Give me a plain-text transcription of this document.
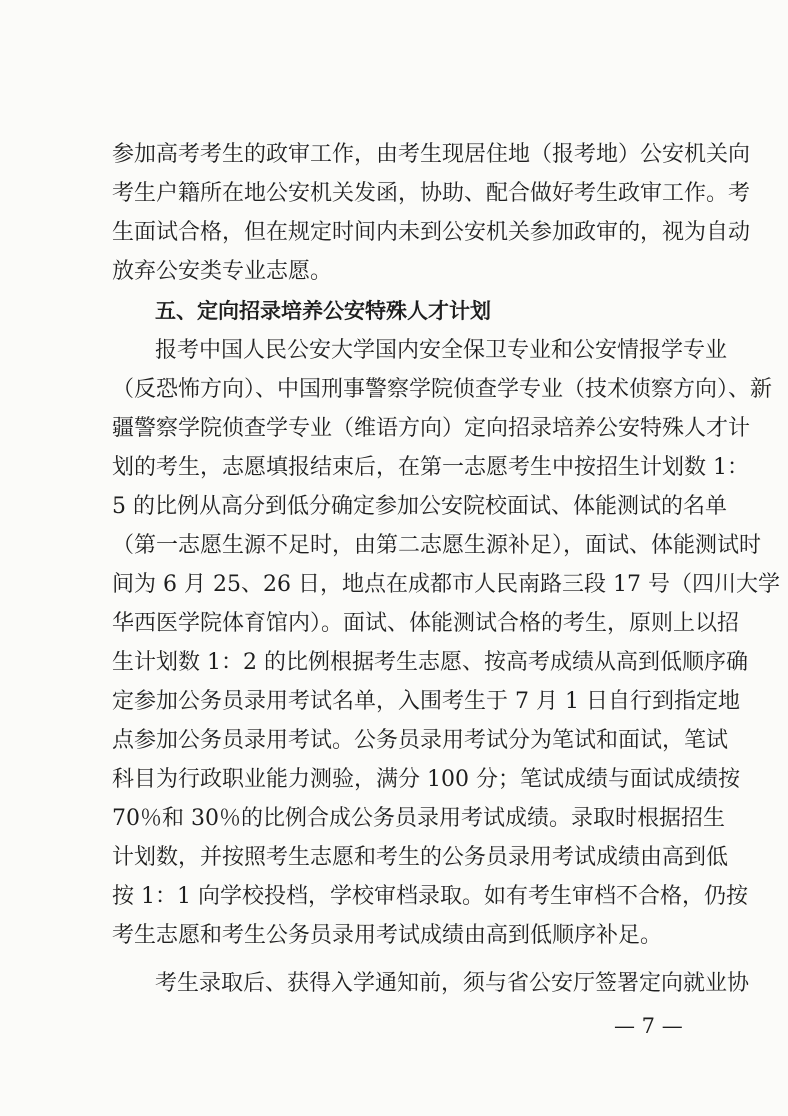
参加高考考生的政审工作，由考生现居住地（报考地）公安机关向
考生户籍所在地公安机关发函，协助、配合做好考生政审工作。考
生面试合格，但在规定时间内未到公安机关参加政审的，视为自动
放弃公安类专业志愿。
五、定向招录培养公安特殊人才计划
报考中国人民公安大学国内安全保卫专业和公安情报学专业
（反恐怖方向）、中国刑事警察学院侦查学专业（技术侦察方向）、新
疆警察学院侦查学专业（维语方向）定向招录培养公安特殊人才计
划的考生，志愿填报结束后，在第一志愿考生中按招生计划数 1：
5 的比例从高分到低分确定参加公安院校面试、体能测试的名单
（第一志愿生源不足时，由第二志愿生源补足），面试、体能测试时
间为 6 月 25、26 日，地点在成都市人民南路三段 17 号（四川大学
华西医学院体育馆内）。面试、体能测试合格的考生，原则上以招
生计划数 1：2 的比例根据考生志愿、按高考成绩从高到低顺序确
定参加公务员录用考试名单，入围考生于 7 月 1 日自行到指定地
点参加公务员录用考试。公务员录用考试分为笔试和面试，笔试
科目为行政职业能力测验，满分 100 分；笔试成绩与面试成绩按
70％和 30％的比例合成公务员录用考试成绩。录取时根据招生
计划数，并按照考生志愿和考生的公务员录用考试成绩由高到低
按 1：1 向学校投档，学校审档录取。如有考生审档不合格，仍按
考生志愿和考生公务员录用考试成绩由高到低顺序补足。
考生录取后、获得入学通知前，须与省公安厅签署定向就业协
— 7 —
